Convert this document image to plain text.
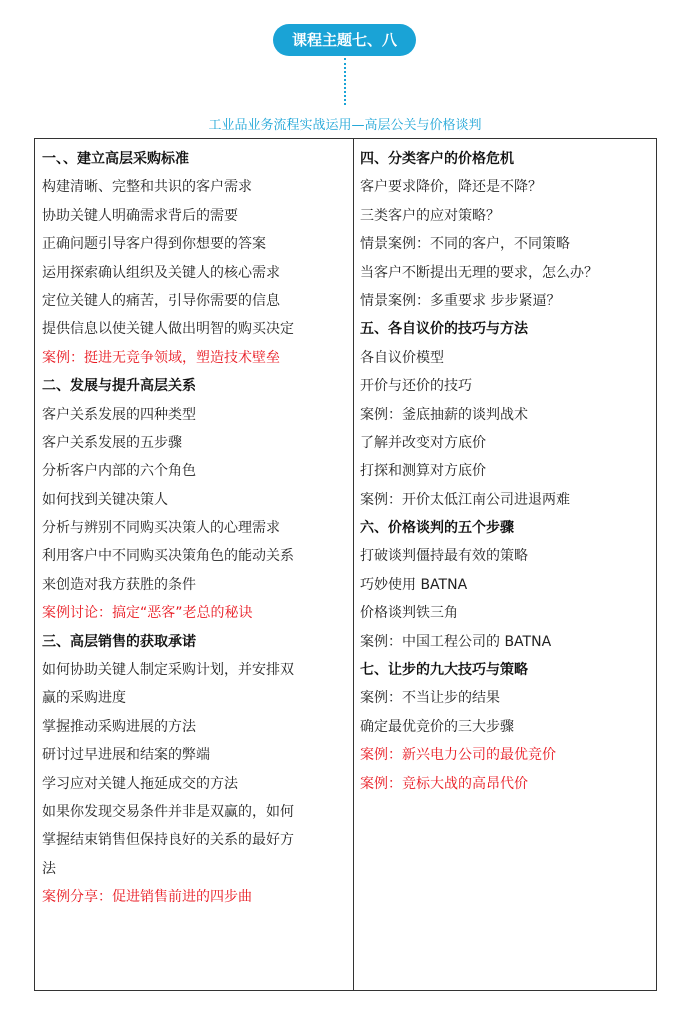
课程主题七、八
工业品业务流程实战运用—高层公关与价格谈判
一、、建立高层采购标准
构建清晰、完整和共识的客户需求
协助关键人明确需求背后的需要
正确问题引导客户得到你想要的答案
运用探索确认组织及关键人的核心需求
定位关键人的痛苦，引导你需要的信息
提供信息以使关键人做出明智的购买决定
案例：挺进无竞争领域，塑造技术壁垒
二、发展与提升高层关系
客户关系发展的四种类型
客户关系发展的五步骤
分析客户内部的六个角色
如何找到关键决策人
分析与辨别不同购买决策人的心理需求
利用客户中不同购买决策角色的能动关系
来创造对我方获胜的条件
案例讨论：搞定“恶客”老总的秘诀
三、高层销售的获取承诺
如何协助关键人制定采购计划，并安排双
赢的采购进度
掌握推动采购进展的方法
研讨过早进展和结案的弊端
学习应对关键人拖延成交的方法
如果你发现交易条件并非是双赢的，如何
掌握结束销售但保持良好的关系的最好方
法
案例分享：促进销售前进的四步曲
四、分类客户的价格危机
客户要求降价，降还是不降？
三类客户的应对策略？
情景案例：不同的客户，不同策略
当客户不断提出无理的要求，怎么办？
情景案例：多重要求 步步紧逼？
五、各自议价的技巧与方法
各自议价模型
开价与还价的技巧
案例：釜底抽薪的谈判战术
了解并改变对方底价
打探和测算对方底价
案例：开价太低江南公司进退两难
六、价格谈判的五个步骤
打破谈判僵持最有效的策略
巧妙使用 BATNA
价格谈判铁三角
案例：中国工程公司的 BATNA
七、让步的九大技巧与策略
案例：不当让步的结果
确定最优竞价的三大步骤
案例：新兴电力公司的最优竞价
案例：竞标大战的高昂代价
